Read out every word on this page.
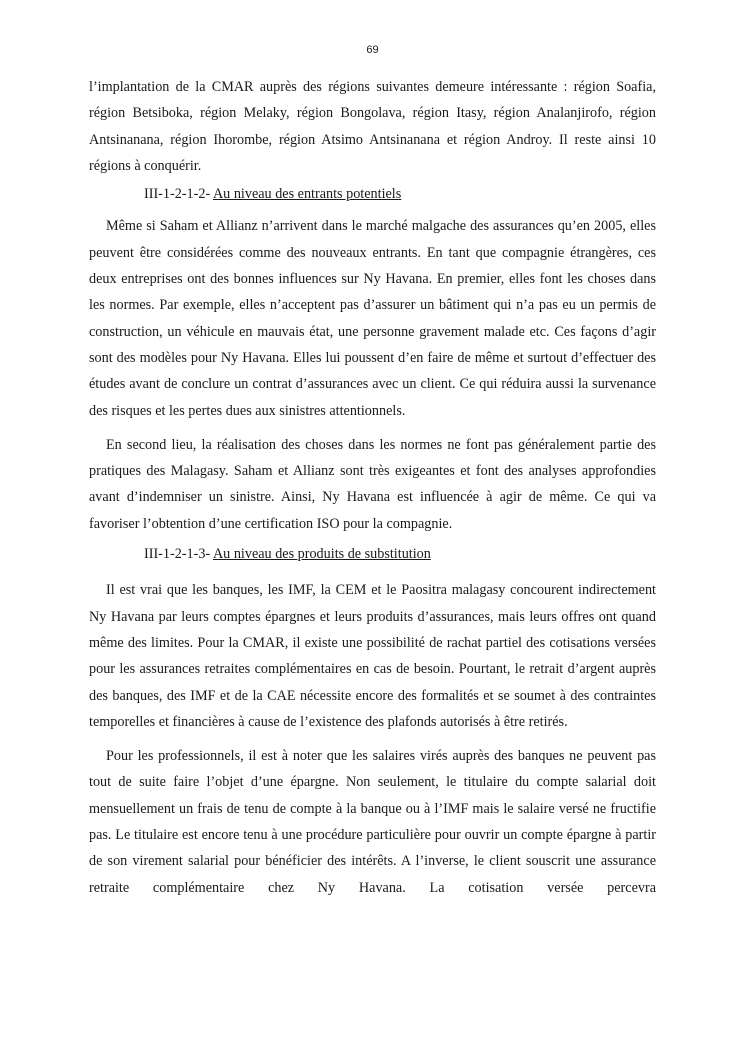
69

l’implantation de la CMAR auprès des régions suivantes demeure intéressante : région Soafia, région Betsiboka, région Melaky, région Bongolava, région Itasy, région Analanjirofo, région Antsinanana, région Ihorombe, région Atsimo Antsinanana et région Androy. Il reste ainsi 10 régions à conquérir.

III-1-2-1-2- Au niveau des entrants potentiels

Même si Saham et Allianz n’arrivent dans le marché malgache des assurances qu’en 2005, elles peuvent être considérées comme des nouveaux entrants. En tant que compagnie étrangères, ces deux entreprises ont des bonnes influences sur Ny Havana. En premier, elles font les choses dans les normes. Par exemple, elles n’acceptent pas d’assurer un bâtiment qui n’a pas eu un permis de construction, un véhicule en mauvais état, une personne gravement malade etc. Ces façons d’agir sont des modèles pour Ny Havana. Elles lui poussent d’en faire de même et surtout d’effectuer des études avant de conclure un contrat d’assurances avec un client. Ce qui réduira aussi la survenance des risques et les pertes dues aux sinistres attentionnels.

En second lieu, la réalisation des choses dans les normes ne font pas généralement partie des pratiques des Malagasy. Saham et Allianz sont très exigeantes et font des analyses approfondies avant d’indemniser un sinistre. Ainsi, Ny Havana est influencée à agir de même. Ce qui va favoriser l’obtention d’une certification ISO pour la compagnie.

III-1-2-1-3- Au niveau des produits de substitution

Il est vrai que les banques, les IMF, la CEM et le Paositra malagasy concourent indirectement Ny Havana par leurs comptes épargnes et leurs produits d’assurances, mais leurs offres ont quand même des limites. Pour la CMAR, il existe une possibilité de rachat partiel des cotisations versées pour les assurances retraites complémentaires en cas de besoin. Pourtant, le retrait d’argent auprès des banques, des IMF et de la CAE nécessite encore des formalités et se soumet à des contraintes temporelles et financières à cause de l’existence des plafonds autorisés à être retirés.

Pour les professionnels, il est à noter que les salaires virés auprès des banques ne peuvent pas tout de suite faire l’objet d’une épargne. Non seulement, le titulaire du compte salarial doit mensuellement un frais de tenu de compte à la banque ou à l’IMF mais le salaire versé ne fructifie pas. Le titulaire est encore tenu à une procédure particulière pour ouvrir un compte épargne à partir de son virement salarial pour bénéficier des intérêts. A l’inverse, le client souscrit une assurance retraite complémentaire chez Ny Havana. La cotisation versée percevra
